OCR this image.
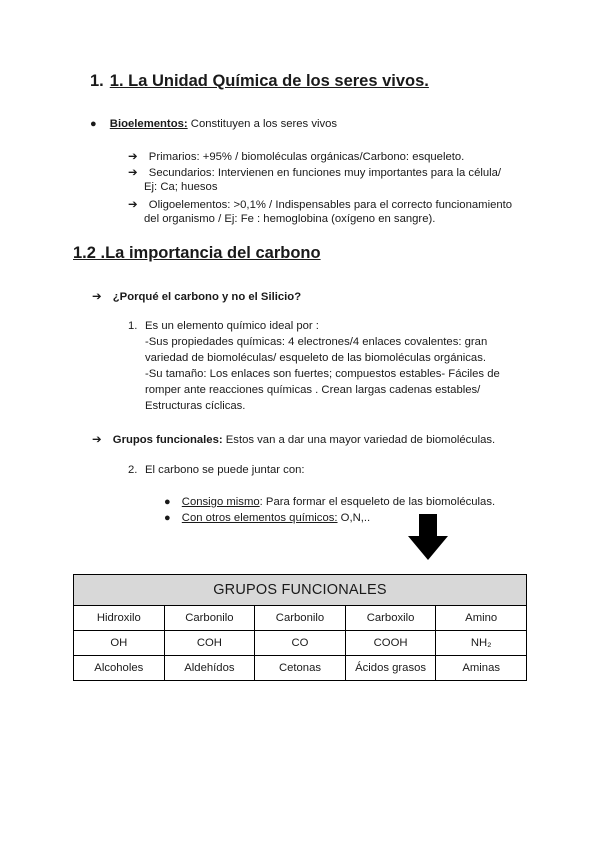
1. 1. La Unidad Química de los seres vivos.
● Bioelementos: Constituyen a los seres vivos
➔ Primarios: +95% / biomoléculas orgánicas/Carbono: esqueleto.
➔ Secundarios: Intervienen en funciones muy importantes para la célula/
Ej: Ca; huesos
➔ Oligoelementos: >0,1% / Indispensables para el correcto funcionamiento
del organismo / Ej: Fe : hemoglobina (oxígeno en sangre).
1.2 .La importancia del carbono
➔ ¿Porqué el carbono y no el Silicio?
1. Es un elemento químico ideal por :
-Sus propiedades químicas: 4 electrones/4 enlaces covalentes: gran
variedad de biomoléculas/ esqueleto de las biomoléculas orgánicas.
-Su tamaño: Los enlaces son fuertes; compuestos estables- Fáciles de
romper ante reacciones químicas . Crean largas cadenas estables/
Estructuras cíclicas.
➔ Grupos funcionales: Estos van a dar una mayor variedad de biomoléculas.
2. El carbono se puede juntar con:
● Consigo mismo: Para formar el esqueleto de las biomoléculas.
● Con otros elementos químicos: O,N,..
GRUPOS FUNCIONALES				
Hidroxilo	Carbonilo	Carbonilo	Carboxilo	Amino
OH	COH	CO	COOH	NH₂
Alcoholes	Aldehídos	Cetonas	Ácidos grasos	Aminas
